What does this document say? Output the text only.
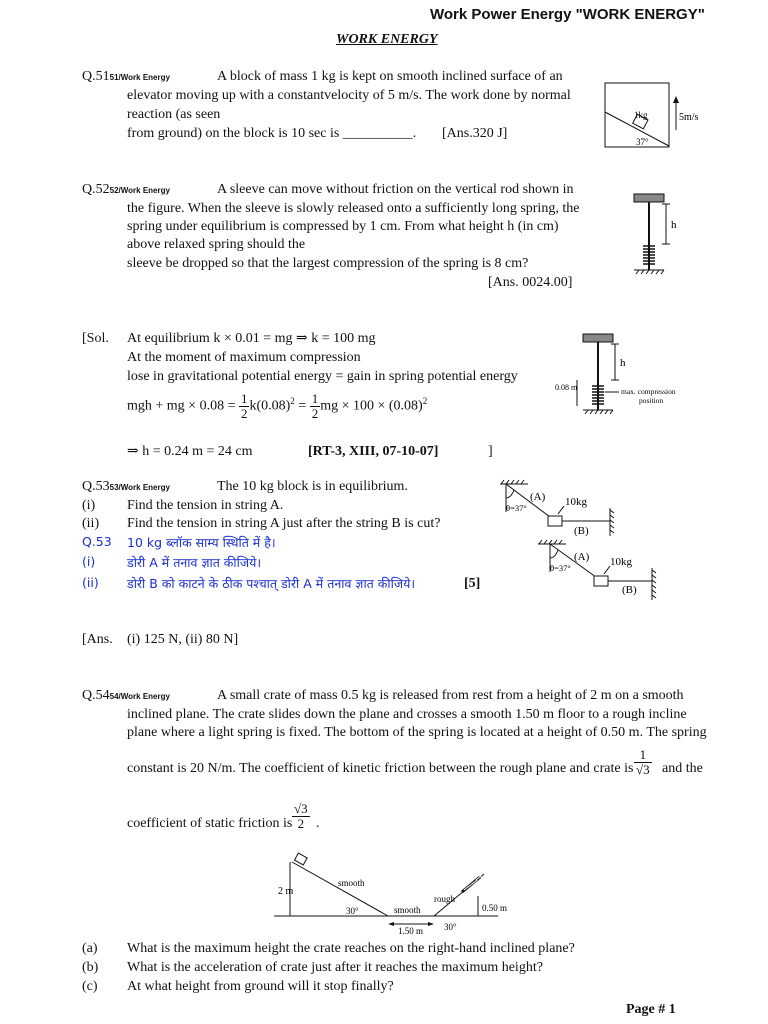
Work Power Energy "WORK ENERGY"
WORK ENERGY
Q.5151/Work Energy	A block of mass 1 kg is kept on smooth inclined surface of an
elevator moving up with a constantvelocity of 5 m/s. The work done by normal
reaction (as seen
from ground) on the block is 10 sec is __________. [Ans.320 J]
1kg
37°
5m/s
Q.5252/Work Energy	A sleeve can move without friction on the vertical rod shown in
the figure. When the sleeve is slowly released onto a sufficiently long spring, the
spring under equilibrium is compressed by 1 cm. From what height h (in cm)
above relaxed spring should the
sleeve be dropped so that the largest compression of the spring is 8 cm?
[Ans. 0024.00]
h
[Sol. At equilibrium k × 0.01 = mg ⇒ k = 100 mg
At the moment of maximum compression
lose in gravitational potential energy = gain in spring potential energy
mgh + mg × $0.08 = \frac{1}{2} k(0.08)^2 = \frac{1}{2}$ mg × $100 \times (0.08)^2$
⇒ h = 0.24 m = 24 cm	[RT-3, XIII, 07-10-07]	]
h
0.08 m	max. compression
position
Q.5353/Work Energy	The 10 kg block is in equilibrium.
(i) Find the tension in string A.
(ii) Find the tension in string A just after the string B is cut?
Q.53 10 kg ब्लॉक साम्य स्थिति में है।
(i)	डोरी A में तनाव ज्ञात कीजिये।
(ii) डोरी B को काटने के ठीक पश्चात् डोरी A में तनाव ज्ञात कीजिये।	[5]
θ=37°
(A) 10kg
(B)
θ=37°
(A) 10kg
(B)
[Ans. (i) 125 N, (ii) 80 N]
Q.5454/Work Energy	A small crate of mass 0.5 kg is released from rest from a height of 2 m on a smooth
inclined plane. The crate slides down the plane and crosses a smooth 1.50 m floor to a rough incline
plane where a light spring is fixed. The bottom of the spring is located at a height of 0.50 m. The spring
constant is 20 N/m. The coefficient of kinetic friction between the rough plane and crate is $\frac{1}{√3}$ and the
coefficient of static friction is $\frac{√3}{2}$ .
2 m
smooth
30°	smooth
rough
0.50 m
1.50 m 30°
(a) What is the maximum height the crate reaches on the right-hand inclined plane?
(b) What is the acceleration of crate just after it reaches the maximum height?
(c) At what height from ground will it stop finally?
Page # 1
